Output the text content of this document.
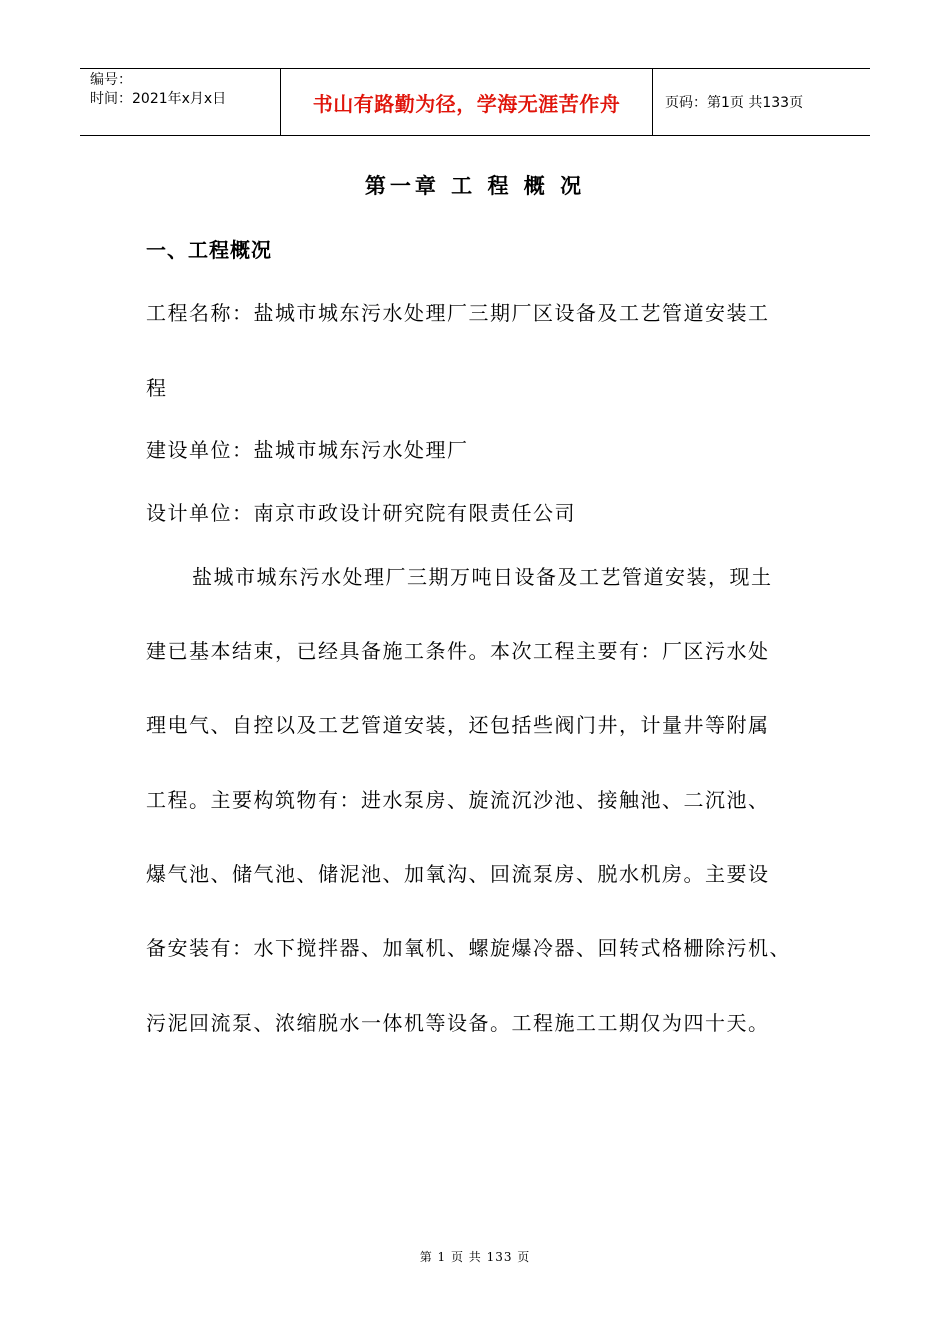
编号：
时间：2021年x月x日	书山有路勤为径，学海无涯苦作舟	页码：第1页 共133页
第一章 工 程 概 况
一、工程概况
工程名称：盐城市城东污水处理厂三期厂区设备及工艺管道安装工
程
建设单位：盐城市城东污水处理厂
设计单位：南京市政设计研究院有限责任公司
盐城市城东污水处理厂三期万吨日设备及工艺管道安装，现土
建已基本结束，已经具备施工条件。本次工程主要有：厂区污水处
理电气、自控以及工艺管道安装，还包括些阀门井，计量井等附属
工程。主要构筑物有：进水泵房、旋流沉沙池、接触池、二沉池、
爆气池、储气池、储泥池、加氧沟、回流泵房、脱水机房。主要设
备安装有：水下搅拌器、加氧机、螺旋爆冷器、回转式格栅除污机、
污泥回流泵、浓缩脱水一体机等设备。工程施工工期仅为四十天。
第 1 页 共 133 页
